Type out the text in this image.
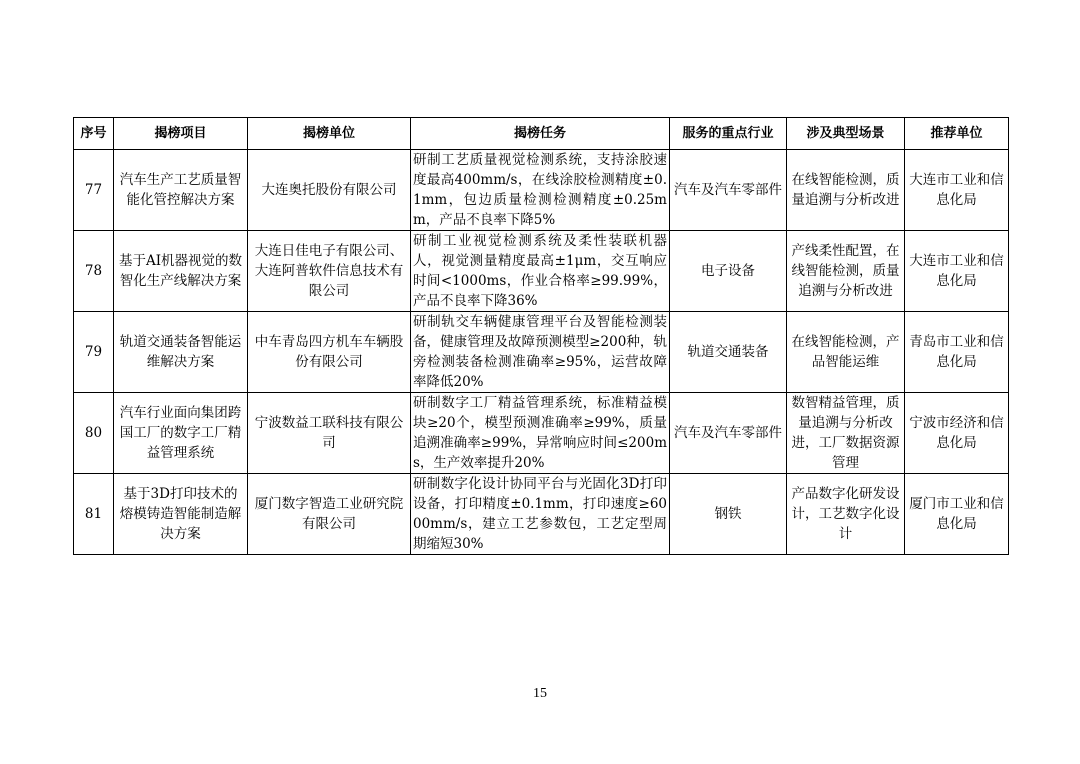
序号	揭榜项目	揭榜单位	揭榜任务	服务的重点行业	涉及典型场景	推荐单位
77	汽车生产工艺质量智能化管控解决方案	大连奥托股份有限公司	研制工艺质量视觉检测系统，支持涂胶速度最高400mm/s，在线涂胶检测精度±0.1mm，包边质量检测检测精度±0.25mm，产品不良率下降5%	汽车及汽车零部件	在线智能检测，质量追溯与分析改进	大连市工业和信息化局
78	基于AI机器视觉的数智化生产线解决方案	大连日佳电子有限公司、大连阿普软件信息技术有限公司	研制工业视觉检测系统及柔性装联机器人，视觉测量精度最高±1μm，交互响应时间<1000ms，作业合格率≥99.99%，产品不良率下降36%	电子设备	产线柔性配置，在线智能检测，质量追溯与分析改进	大连市工业和信息化局
79	轨道交通装备智能运维解决方案	中车青岛四方机车车辆股份有限公司	研制轨交车辆健康管理平台及智能检测装备，健康管理及故障预测模型≥200种，轨旁检测装备检测准确率≥95%，运营故障率降低20%	轨道交通装备	在线智能检测，产品智能运维	青岛市工业和信息化局
80	汽车行业面向集团跨国工厂的数字工厂精益管理系统	宁波数益工联科技有限公司	研制数字工厂精益管理系统，标准精益模块≥20个，模型预测准确率≥99%，质量追溯准确率≥99%，异常响应时间≤200ms，生产效率提升20%	汽车及汽车零部件	数智精益管理，质量追溯与分析改进，工厂数据资源管理	宁波市经济和信息化局
81	基于3D打印技术的熔模铸造智能制造解决方案	厦门数字智造工业研究院有限公司	研制数字化设计协同平台与光固化3D打印设备，打印精度±0.1mm，打印速度≥6000mm/s，建立工艺参数包，工艺定型周期缩短30%	钢铁	产品数字化研发设计，工艺数字化设计	厦门市工业和信息化局
15
